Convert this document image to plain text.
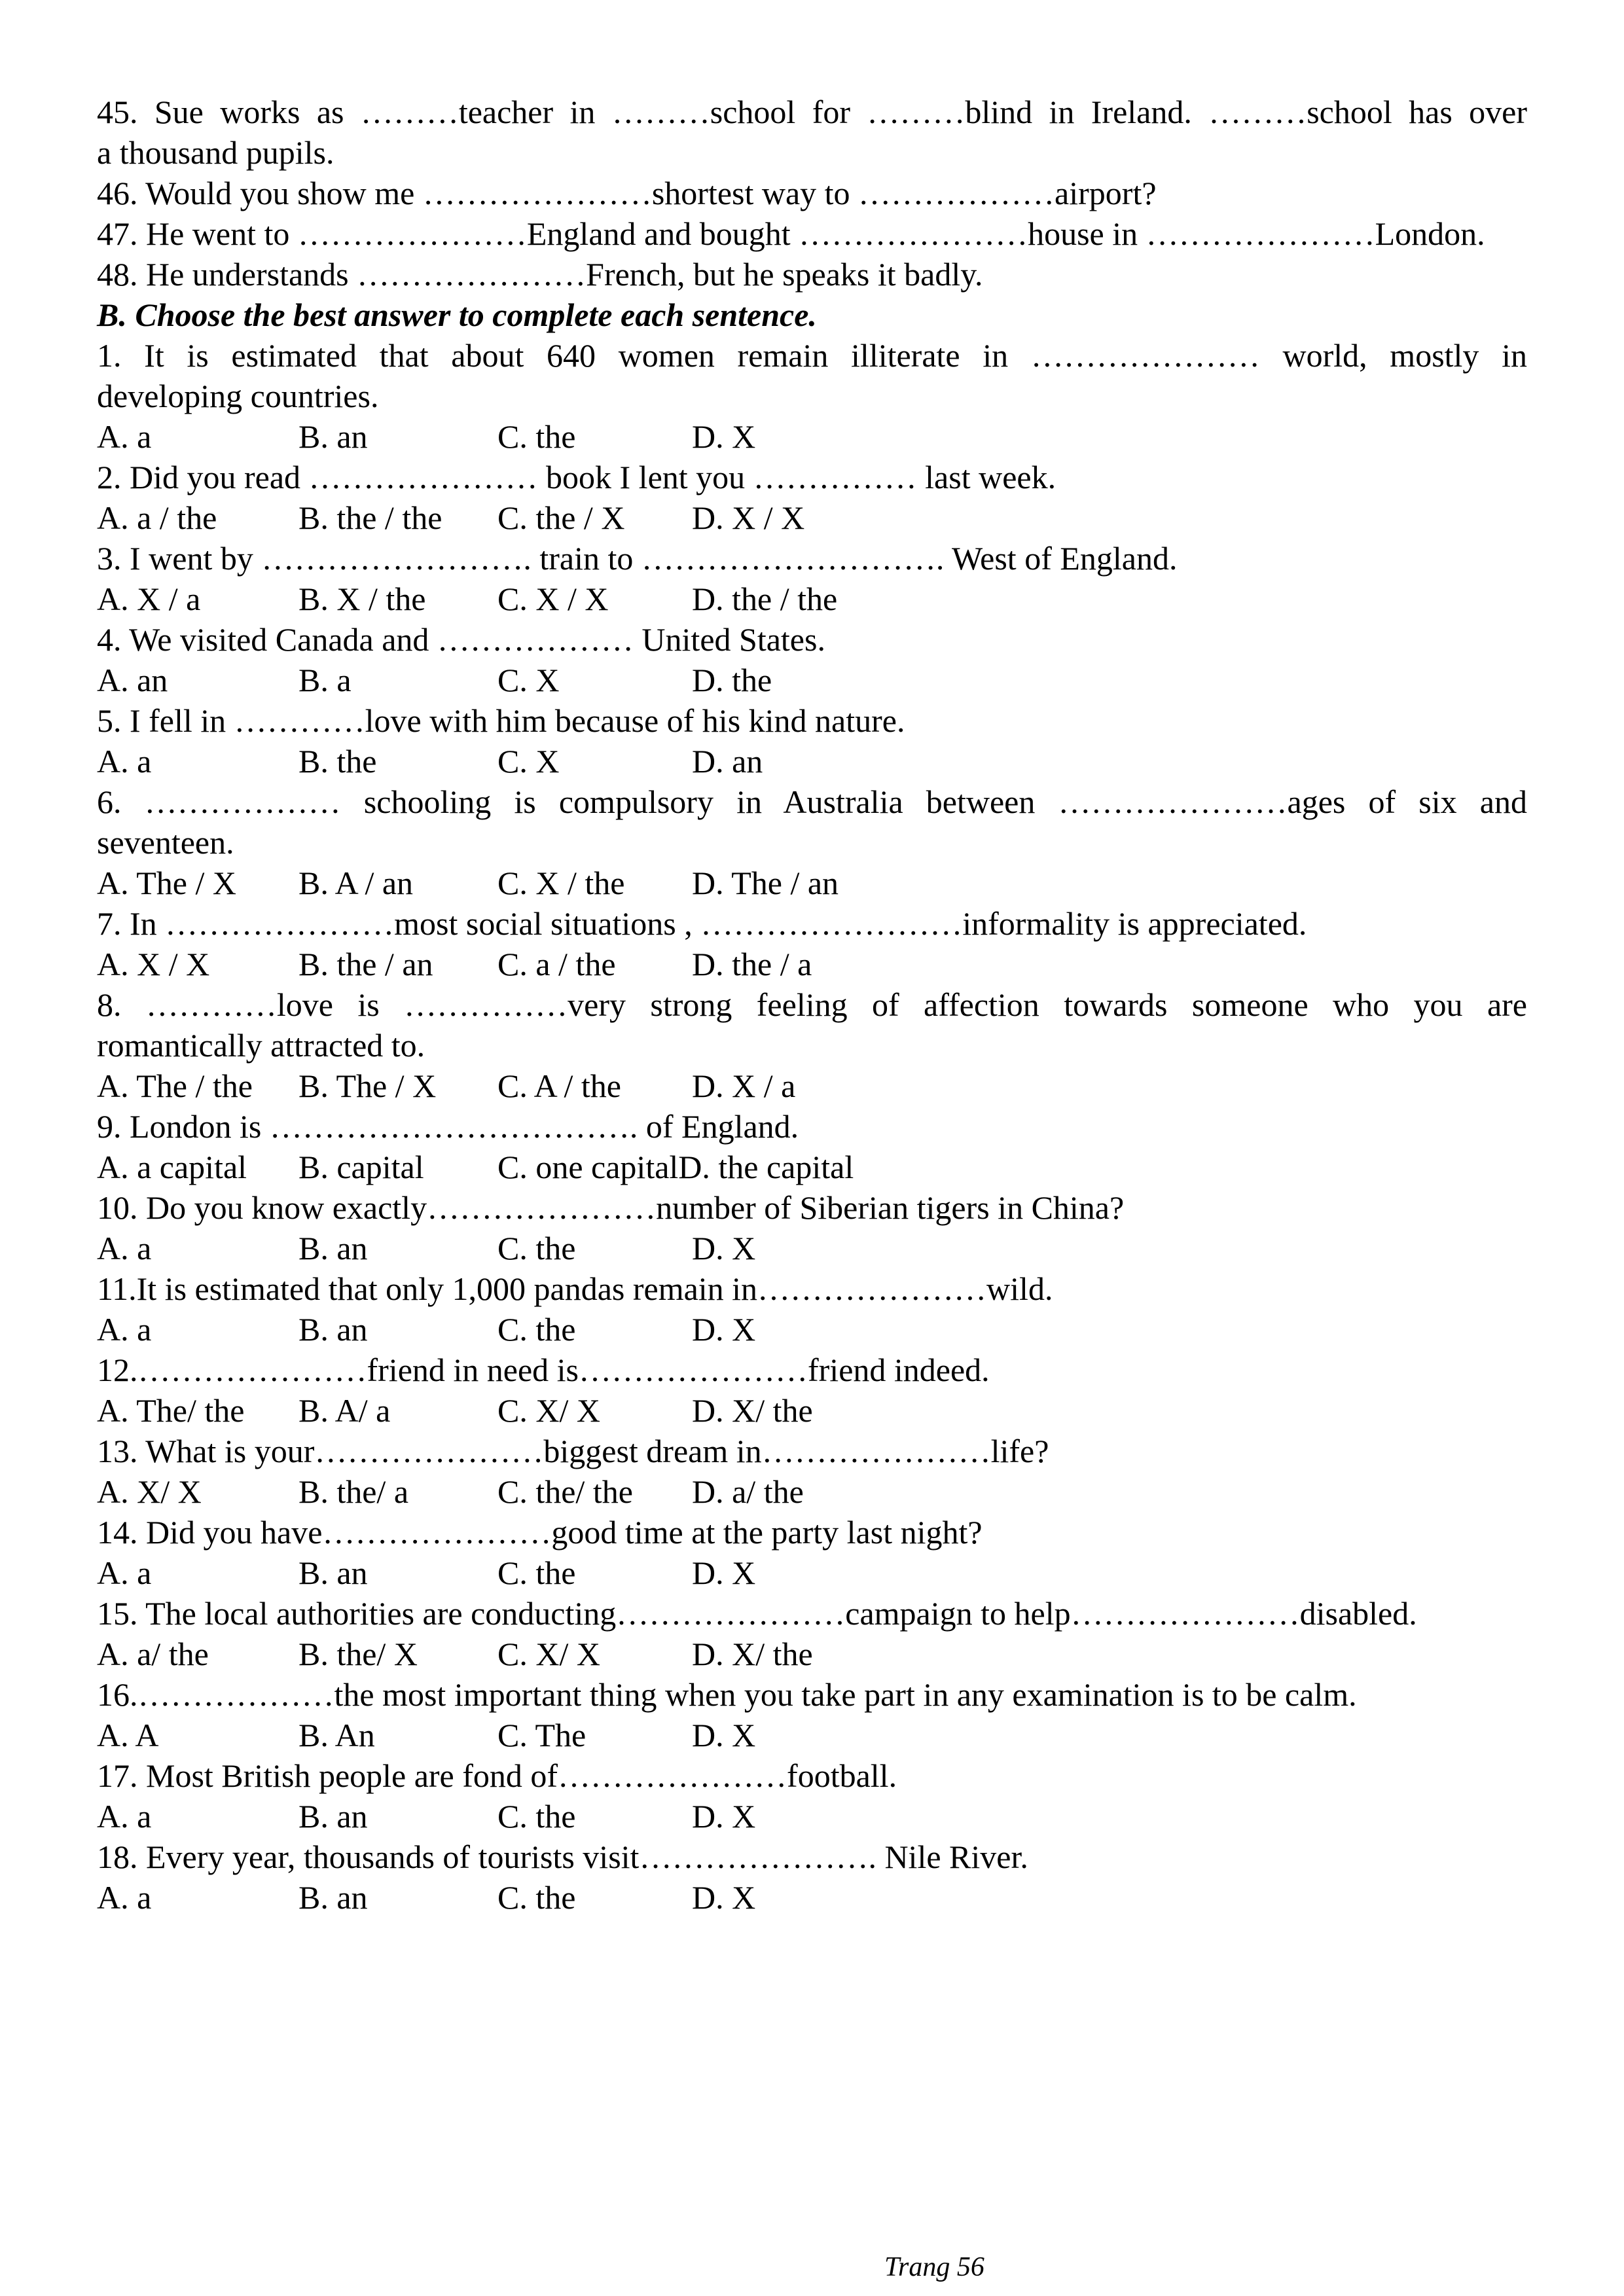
45. Sue works as ………teacher in ………school for ………blind in Ireland. ………school has over
a thousand pupils.
46. Would you show me …………………shortest way to ………………airport?
47. He went to …………………England and bought …………………house in …………………London.
48. He understands …………………French, but he speaks it badly.
B. Choose the best answer to complete each sentence.
1. It is estimated that about 640 women remain illiterate in ………………… world, mostly in
developing countries.
A. a	B. an	C. the	D. X
2. Did you read ………………… book I lent you …………… last week.
A. a / the B. the / the C. the / X D. X / X
3. I went by ……………………. train to ………………………. West of England.
A. X / a	B. X / the C. X / X	D. the / the
4. We visited Canada and ……………… United States.
A. an	B. a	C. X	D. the
5. I fell in …………love with him because of his kind nature.
A. a	B. the	C. X	D. an
6. ……………… schooling is compulsory in Australia between …………………ages of six and
seventeen.
A. The / X B. A / an	C. X / the D. The / an
7. In …………………most social situations , ……………………informality is appreciated.
A. X / X	B. the / an C. a / the D. the / a
8. …………love is ……………very strong feeling of affection towards someone who you are
romantically attracted to.
A. The / the B. The / X C. A / the D. X / a
9. London is ……………………………. of England.
A. a capital B. capital C. one capitalD. the capital
10. Do you know exactly…………………number of Siberian tigers in China?
A. a	B. an	C. the	D. X
11.It is estimated that only 1,000 pandas remain in…………………wild.
A. a	B. an	C. the	D. X
12.…………………friend in need is…………………friend indeed.
A. The/ the B. A/ a	C. X/ X	D. X/ the
13. What is your…………………biggest dream in…………………life?
A. X/ X	B. the/ a	C. the/ the D. a/ the
14. Did you have…………………good time at the party last night?
A. a	B. an	C. the	D. X
15. The local authorities are conducting…………………campaign to help…………………disabled.
A. a/ the	B. the/ X C. X/ X	D. X/ the
16.………………the most important thing when you take part in any examination is to be calm.
A. A	B. An	C. The	D. X
17. Most British people are fond of…………………football.
A. a	B. an	C. the	D. X
18. Every year, thousands of tourists visit…………………. Nile River.
A. a	B. an	C. the	D. X
Trang 56
